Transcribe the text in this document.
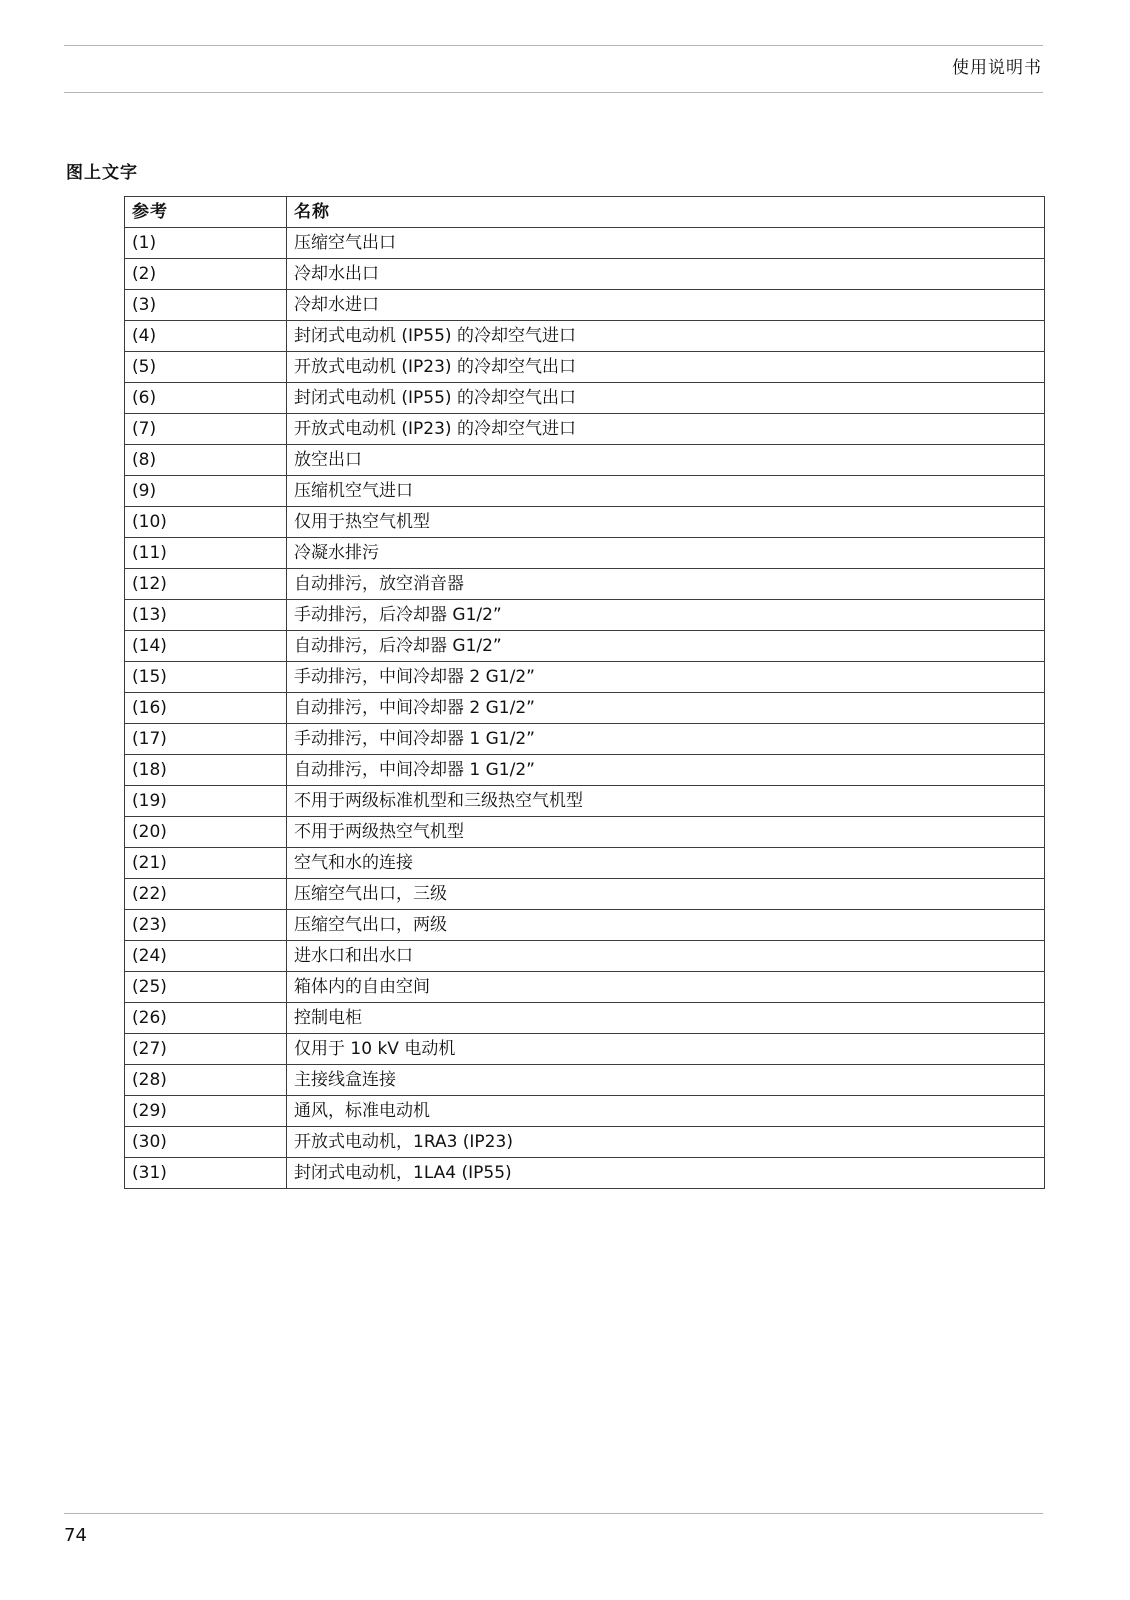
使用说明书
图上文字
参考	名称
(1)	压缩空气出口
(2)	冷却水出口
(3)	冷却水进口
(4)	封闭式电动机 (IP55) 的冷却空气进口
(5)	开放式电动机 (IP23) 的冷却空气出口
(6)	封闭式电动机 (IP55) 的冷却空气出口
(7)	开放式电动机 (IP23) 的冷却空气进口
(8)	放空出口
(9)	压缩机空气进口
(10)	仅用于热空气机型
(11)	冷凝水排污
(12)	自动排污，放空消音器
(13)	手动排污，后冷却器 G1/2”
(14)	自动排污，后冷却器 G1/2”
(15)	手动排污，中间冷却器 2 G1/2”
(16)	自动排污，中间冷却器 2 G1/2”
(17)	手动排污，中间冷却器 1 G1/2”
(18)	自动排污，中间冷却器 1 G1/2”
(19)	不用于两级标准机型和三级热空气机型
(20)	不用于两级热空气机型
(21)	空气和水的连接
(22)	压缩空气出口，三级
(23)	压缩空气出口，两级
(24)	进水口和出水口
(25)	箱体内的自由空间
(26)	控制电柜
(27)	仅用于 10 kV 电动机
(28)	主接线盒连接
(29)	通风，标准电动机
(30)	开放式电动机，1RA3 (IP23)
(31)	封闭式电动机，1LA4 (IP55)
74
